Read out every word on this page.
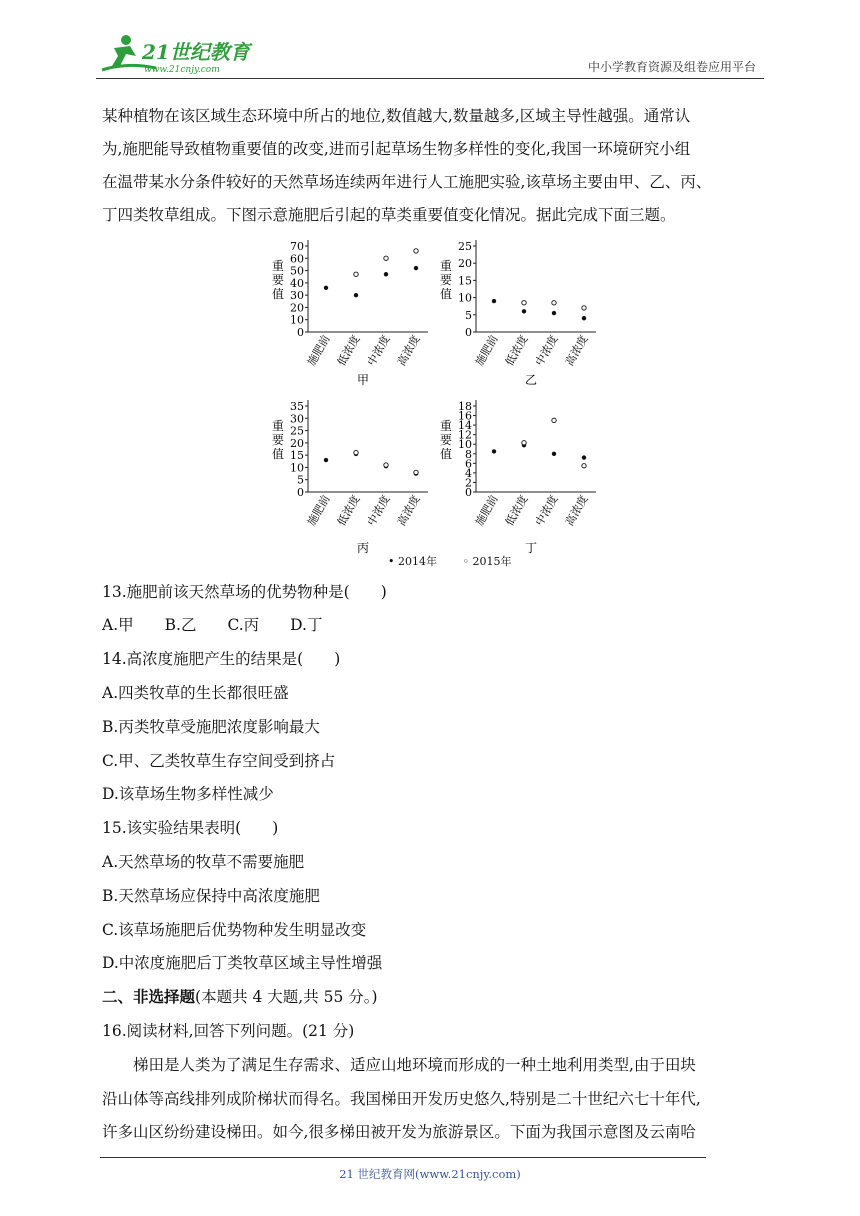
21世纪教育
www.21cnjy.com	中小学教育资源及组卷应用平台

某种植物在该区域生态环境中所占的地位,数值越大,数量越多,区域主导性越强。通常认

为,施肥能导致植物重要值的改变,进而引起草场生物多样性的变化,我国一环境研究小组

在温带某水分条件较好的天然草场连续两年进行人工施肥实验,该草场主要由甲、乙、丙、

丁四类牧草组成。下图示意施肥后引起的草类重要值变化情况。据此完成下面三题。

重
要
值
0
10
20
30
40
50
60
70
施肥前 低浓度 中浓度 高浓度
甲
重
要
值
0
5
10
15
20
25
施肥前 低浓度 中浓度 高浓度
乙
重
要
值
0
5
10
15
20
25
30
35
施肥前 低浓度 中浓度 高浓度
丙
重
要
值
0
2
4
6
8
10
12
14
16
18
施肥前 低浓度 中浓度 高浓度
丁
• 2014年 ◦ 2015年

13.施肥前该天然草场的优势物种是(　　)

A.甲　　B.乙　　C.丙　　D.丁

14.高浓度施肥产生的结果是(　　)

A.四类牧草的生长都很旺盛

B.丙类牧草受施肥浓度影响最大

C.甲、乙类牧草生存空间受到挤占

D.该草场生物多样性减少

15.该实验结果表明(　　)

A.天然草场的牧草不需要施肥

B.天然草场应保持中高浓度施肥

C.该草场施肥后优势物种发生明显改变

D.中浓度施肥后丁类牧草区域主导性增强

二、非选择题(本题共 4 大题,共 55 分。)

16.阅读材料,回答下列问题。(21 分)

　　梯田是人类为了满足生存需求、适应山地环境而形成的一种土地利用类型,由于田块

沿山体等高线排列成阶梯状而得名。我国梯田开发历史悠久,特别是二十世纪六七十年代,

许多山区纷纷建设梯田。如今,很多梯田被开发为旅游景区。下面为我国示意图及云南哈

21 世纪教育网(www.21cnjy.com)
